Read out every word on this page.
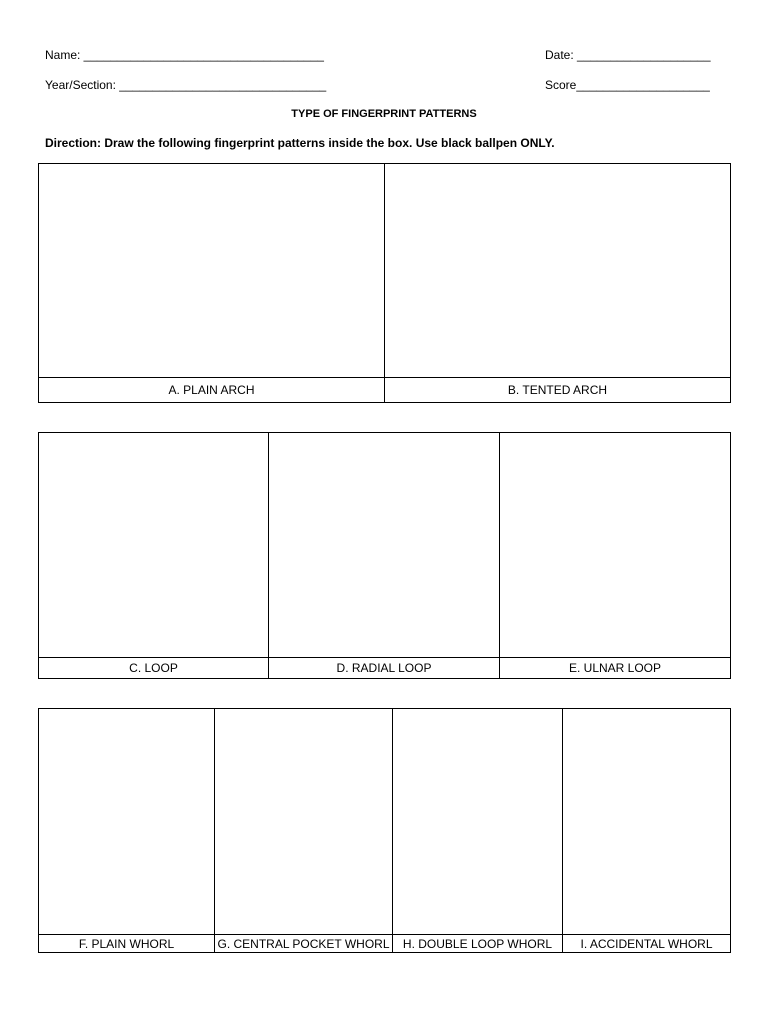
Name: ____________________________________	Date: ____________________
Year/Section: _______________________________	Score____________________
TYPE OF FINGERPRINT PATTERNS
Direction: Draw the following fingerprint patterns inside the box. Use black ballpen ONLY.

A. PLAIN ARCH	B. TENTED ARCH

C. LOOP	D. RADIAL LOOP	E. ULNAR LOOP

F. PLAIN WHORL	G. CENTRAL POCKET WHORL	H. DOUBLE LOOP WHORL	I. ACCIDENTAL WHORL
